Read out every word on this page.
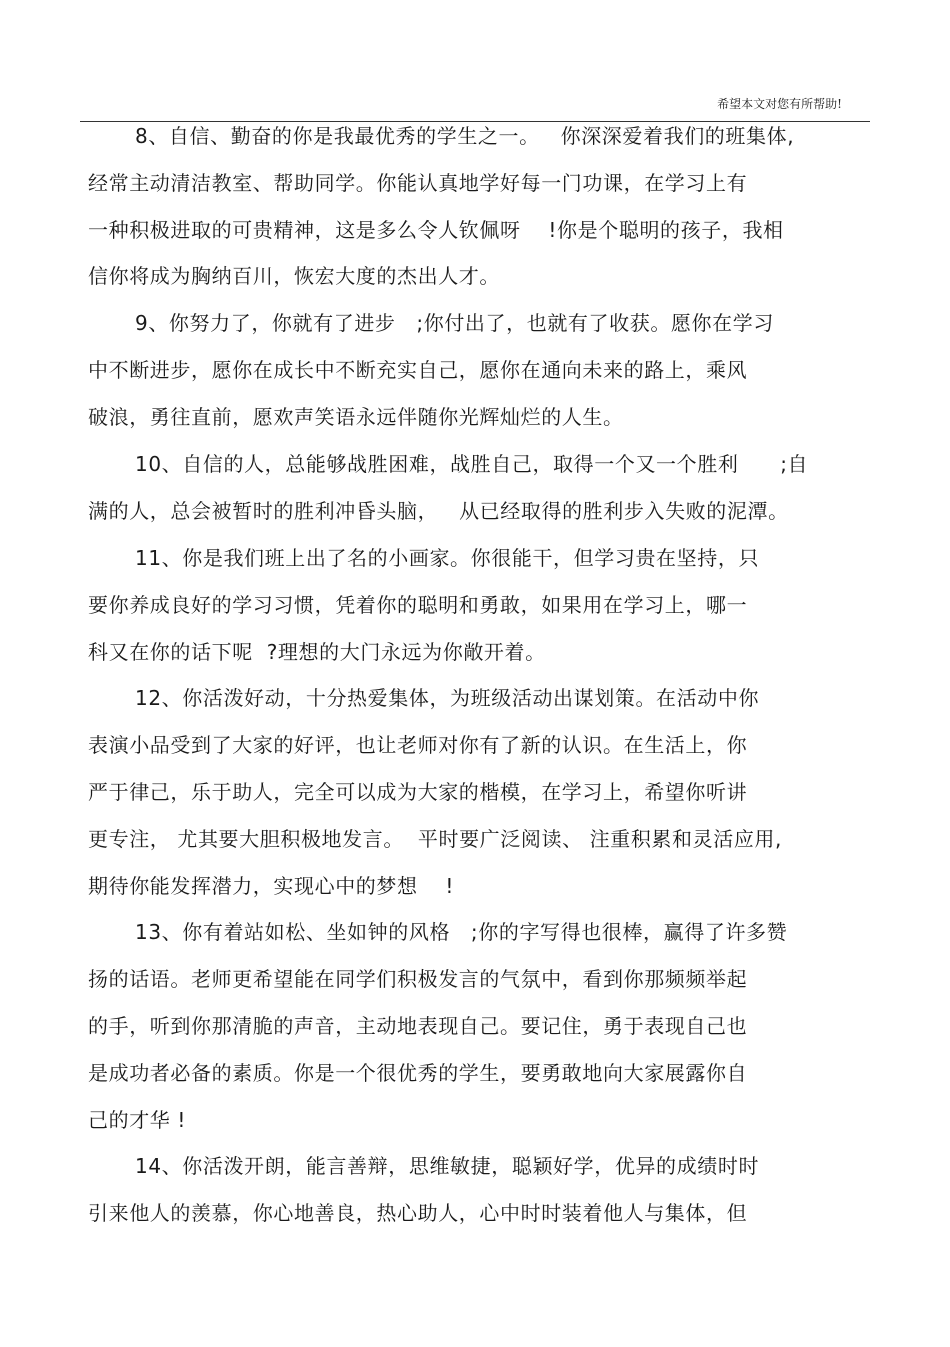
希望本文对您有所帮助!
8、自信、勤奋的你是我最优秀的学生之一。   你深深爱着我们的班集体,
经常主动清洁教室、帮助同学。你能认真地学好每一门功课，在学习上有
一种积极进取的可贵精神，这是多么令人钦佩呀    !你是个聪明的孩子，我相
信你将成为胸纳百川，恢宏大度的杰出人才。
9、你努力了，你就有了进步   ;你付出了，也就有了收获。愿你在学习
中不断进步，愿你在成长中不断充实自己，愿你在通向未来的路上，乘风
破浪，勇往直前，愿欢声笑语永远伴随你光辉灿烂的人生。
10、自信的人，总能够战胜困难，战胜自己，取得一个又一个胜利      ;自
满的人，总会被暂时的胜利冲昏头脑，   从已经取得的胜利步入失败的泥潭。
11、你是我们班上出了名的小画家。你很能干，但学习贵在坚持，只
要你养成良好的学习习惯，凭着你的聪明和勇敢，如果用在学习上，哪一
科又在你的话下呢  ?理想的大门永远为你敞开着。
12、你活泼好动，十分热爱集体，为班级活动出谋划策。在活动中你
表演小品受到了大家的好评，也让老师对你有了新的认识。在生活上，你
严于律己，乐于助人，完全可以成为大家的楷模，在学习上，希望你听讲
更专注， 尤其要大胆积极地发言。  平时要广泛阅读、 注重积累和灵活应用,
期待你能发挥潜力，实现心中的梦想    !
13、你有着站如松、坐如钟的风格   ;你的字写得也很棒，赢得了许多赞
扬的话语。老师更希望能在同学们积极发言的气氛中，看到你那频频举起
的手，听到你那清脆的声音，主动地表现自己。要记住，勇于表现自己也
是成功者必备的素质。你是一个很优秀的学生，要勇敢地向大家展露你自
己的才华 !
14、你活泼开朗，能言善辩，思维敏捷，聪颖好学，优异的成绩时时
引来他人的羡慕，你心地善良，热心助人，心中时时装着他人与集体，但
